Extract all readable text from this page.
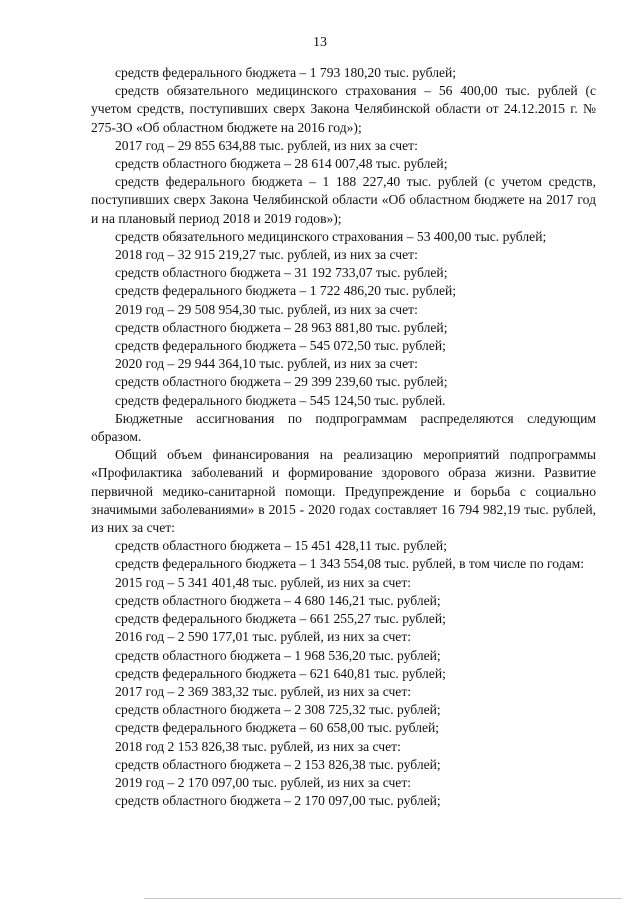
13

средств федерального бюджета – 1 793 180,20 тыс. рублей;

средств обязательного медицинского страхования – 56 400,00 тыс. рублей (с учетом средств, поступивших сверх Закона Челябинской области от 24.12.2015 г. № 275-ЗО «Об областном бюджете на 2016 год»);

2017 год – 29 855 634,88 тыс. рублей, из них за счет:

средств областного бюджета – 28 614 007,48 тыс. рублей;

средств федерального бюджета – 1 188 227,40 тыс. рублей (с учетом средств, поступивших сверх Закона Челябинской области «Об областном бюджете на 2017 год и на плановый период 2018 и 2019 годов»);

средств обязательного медицинского страхования – 53 400,00 тыс. рублей;

2018 год – 32 915 219,27 тыс. рублей, из них за счет:

средств областного бюджета – 31 192 733,07 тыс. рублей;

средств федерального бюджета – 1 722 486,20 тыс. рублей;

2019 год – 29 508 954,30 тыс. рублей, из них за счет:

средств областного бюджета – 28 963 881,80 тыс. рублей;

средств федерального бюджета – 545 072,50 тыс. рублей;

2020 год – 29 944 364,10 тыс. рублей, из них за счет:

средств областного бюджета – 29 399 239,60 тыс. рублей;

средств федерального бюджета – 545 124,50 тыс. рублей.

Бюджетные ассигнования по подпрограммам распределяются следующим образом.

Общий объем финансирования на реализацию мероприятий подпрограммы «Профилактика заболеваний и формирование здорового образа жизни. Развитие первичной медико-санитарной помощи. Предупреждение и борьба с социально значимыми заболеваниями» в 2015 - 2020 годах составляет 16 794 982,19 тыс. рублей, из них за счет:

средств областного бюджета – 15 451 428,11 тыс. рублей;

средств федерального бюджета – 1 343 554,08 тыс. рублей, в том числе по годам:

2015 год – 5 341 401,48 тыс. рублей, из них за счет:

средств областного бюджета – 4 680 146,21 тыс. рублей;

средств федерального бюджета – 661 255,27 тыс. рублей;

2016 год – 2 590 177,01 тыс. рублей, из них за счет:

средств областного бюджета – 1 968 536,20 тыс. рублей;

средств федерального бюджета – 621 640,81 тыс. рублей;

2017 год – 2 369 383,32 тыс. рублей, из них за счет:

средств областного бюджета – 2 308 725,32 тыс. рублей;

средств федерального бюджета – 60 658,00 тыс. рублей;

2018 год 2 153 826,38 тыс. рублей, из них за счет:

средств областного бюджета – 2 153 826,38 тыс. рублей;

2019 год – 2 170 097,00 тыс. рублей, из них за счет:

средств областного бюджета – 2 170 097,00 тыс. рублей;
